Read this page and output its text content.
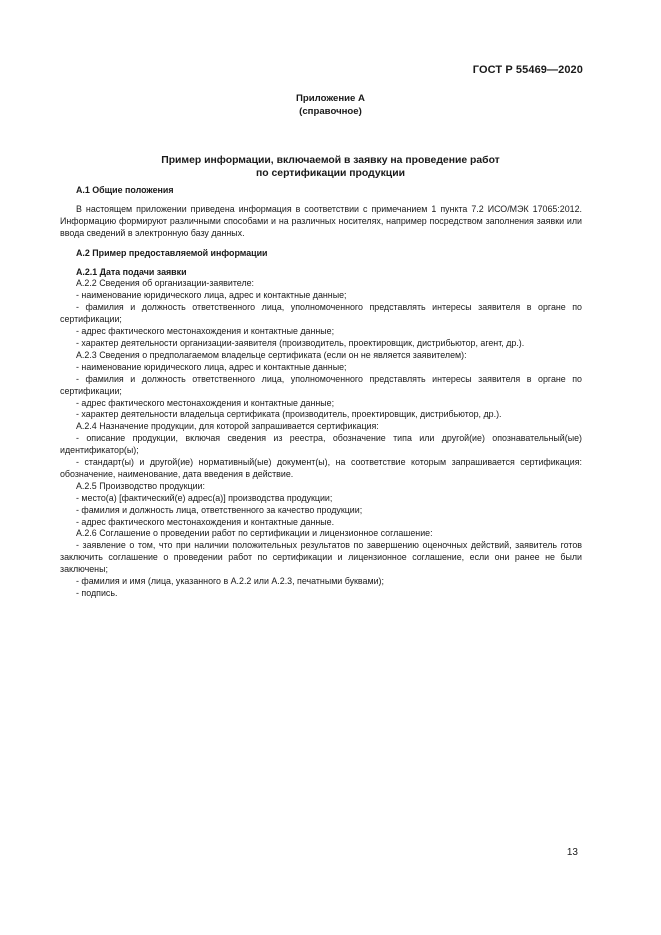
ГОСТ Р 55469—2020
Приложение А
(справочное)
Пример информации, включаемой в заявку на проведение работ
по сертификации продукции

А.1 Общие положения

В настоящем приложении приведена информация в соответствии с примечанием 1 пункта 7.2 ИСО/МЭК 17065:2012. Информацию формируют различными способами и на различных носителях, например посредством заполнения заявки или ввода сведений в электронную базу данных.

А.2 Пример предоставляемой информации

А.2.1 Дата подачи заявки

А.2.2 Сведения об организации-заявителе:

- наименование юридического лица, адрес и контактные данные;

- фамилия и должность ответственного лица, уполномоченного представлять интересы заявителя в органе по сертификации;

- адрес фактического местонахождения и контактные данные;

- характер деятельности организации-заявителя (производитель, проектировщик, дистрибьютор, агент, др.).

А.2.3 Сведения о предполагаемом владельце сертификата (если он не является заявителем):

- наименование юридического лица, адрес и контактные данные;

- фамилия и должность ответственного лица, уполномоченного представлять интересы заявителя в органе по сертификации;

- адрес фактического местонахождения и контактные данные;

- характер деятельности владельца сертификата (производитель, проектировщик, дистрибьютор, др.).

А.2.4 Назначение продукции, для которой запрашивается сертификация:

- описание продукции, включая сведения из реестра, обозначение типа или другой(ие) опознавательный(ые) идентификатор(ы);

- стандарт(ы) и другой(ие) нормативный(ые) документ(ы), на соответствие которым запрашивается сертификация: обозначение, наименование, дата введения в действие.

А.2.5 Производство продукции:

- место(а) [фактический(е) адрес(а)] производства продукции;

- фамилия и должность лица, ответственного за качество продукции;

- адрес фактического местонахождения и контактные данные.

А.2.6 Соглашение о проведении работ по сертификации и лицензионное соглашение:

- заявление о том, что при наличии положительных результатов по завершению оценочных действий, заявитель готов заключить соглашение о проведении работ по сертификации и лицензионное соглашение, если они ранее не были заключены;

- фамилия и имя (лица, указанного в А.2.2 или А.2.3, печатными буквами);

- подпись.

13
